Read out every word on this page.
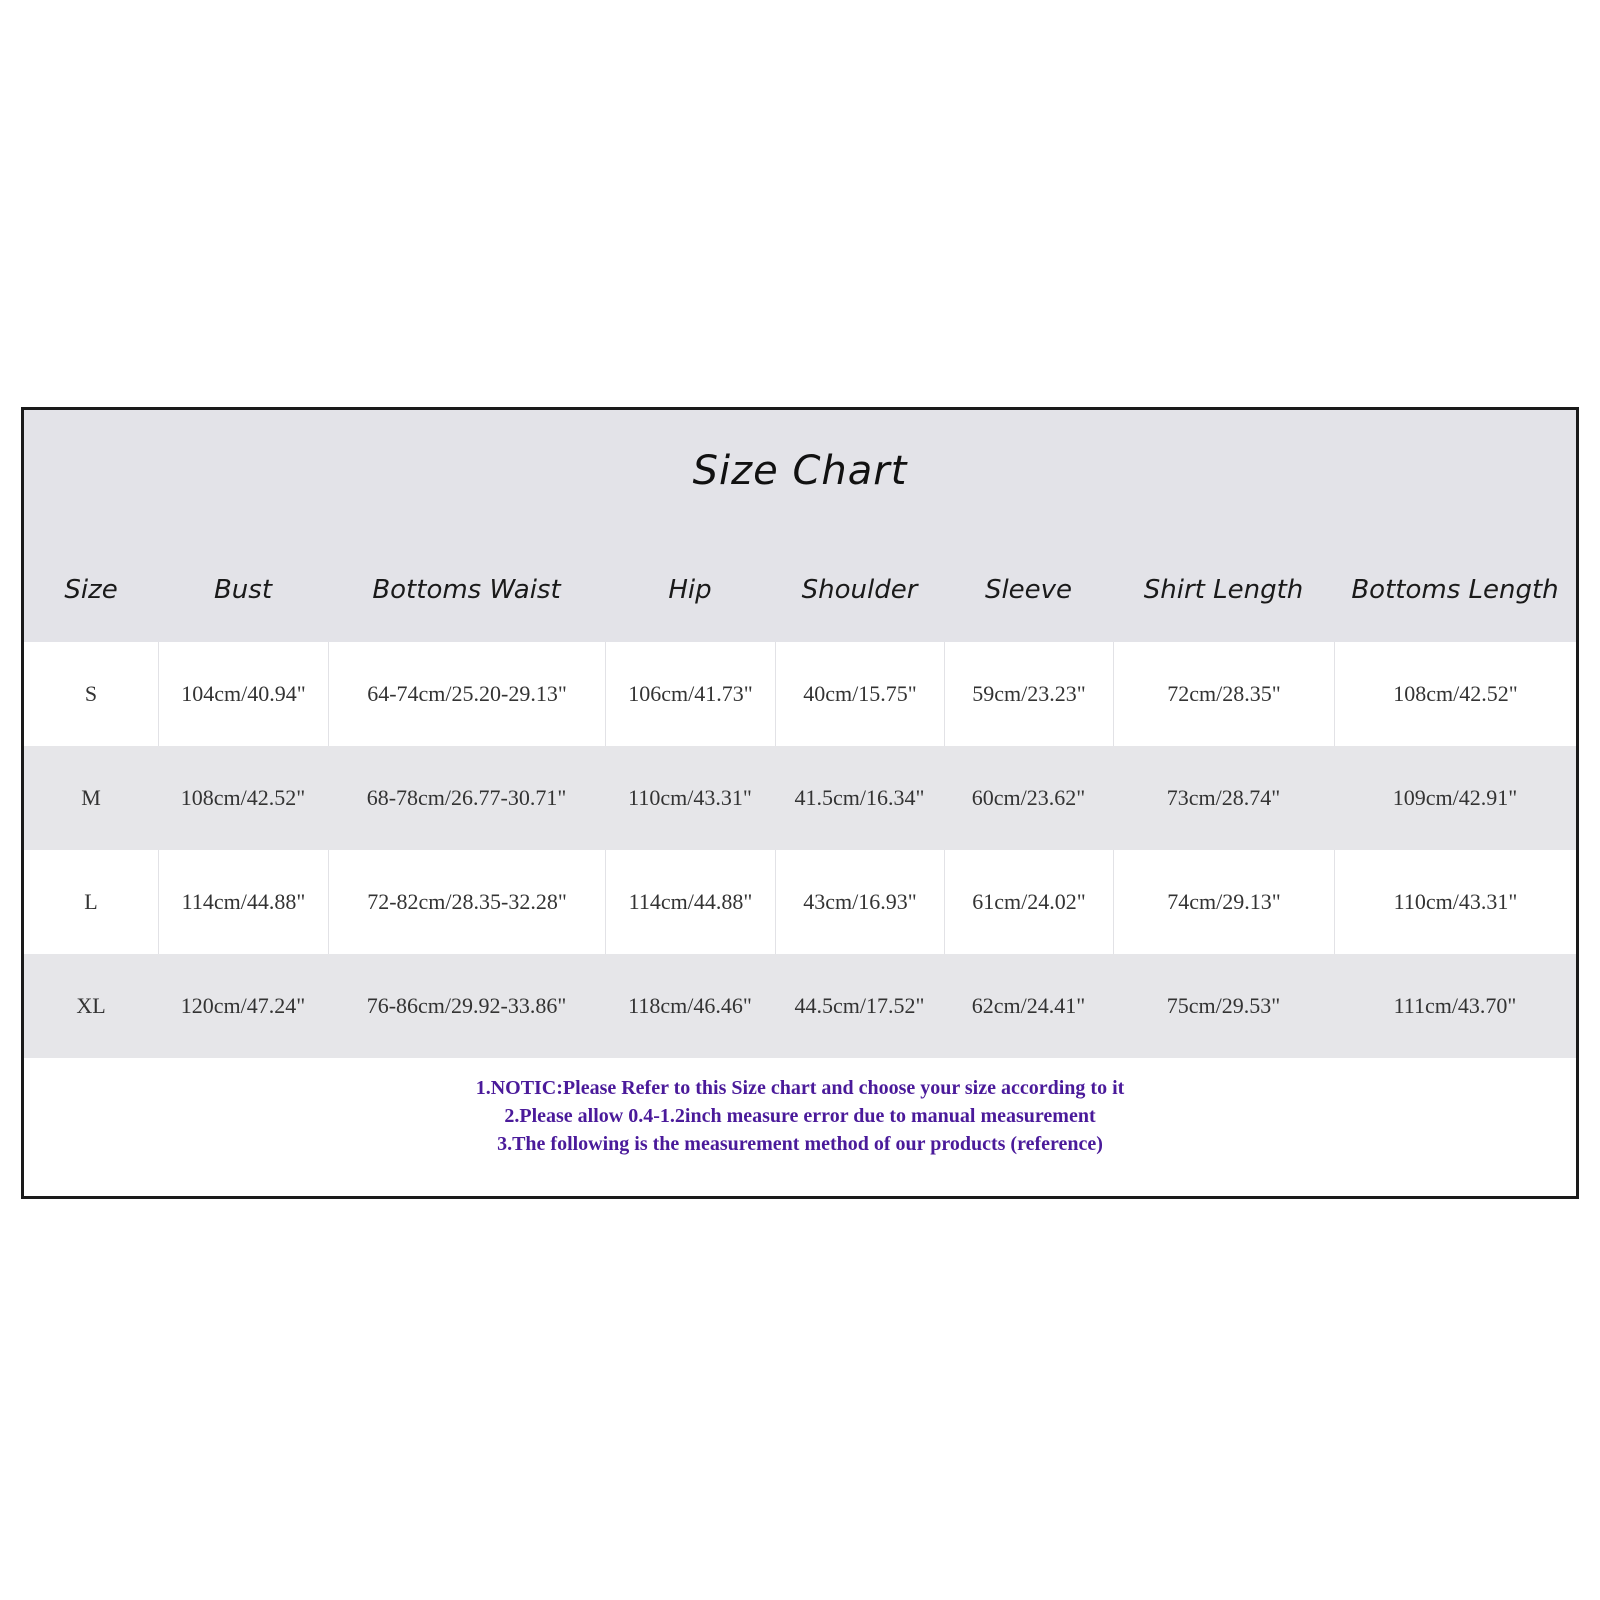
Size Chart
Size	Bust	Bottoms Waist	Hip	Shoulder	Sleeve	Shirt Length	Bottoms Length
S	104cm/40.94"	64-74cm/25.20-29.13"	106cm/41.73"	40cm/15.75"	59cm/23.23"	72cm/28.35"	108cm/42.52"
M	108cm/42.52"	68-78cm/26.77-30.71"	110cm/43.31"	41.5cm/16.34"	60cm/23.62"	73cm/28.74"	109cm/42.91"
L	114cm/44.88"	72-82cm/28.35-32.28"	114cm/44.88"	43cm/16.93"	61cm/24.02"	74cm/29.13"	110cm/43.31"
XL	120cm/47.24"	76-86cm/29.92-33.86"	118cm/46.46"	44.5cm/17.52"	62cm/24.41"	75cm/29.53"	111cm/43.70"
1.NOTIC:Please Refer to this Size chart and choose your size according to it
2.Please allow 0.4-1.2inch measure error due to manual measurement
3.The following is the measurement method of our products (reference)
